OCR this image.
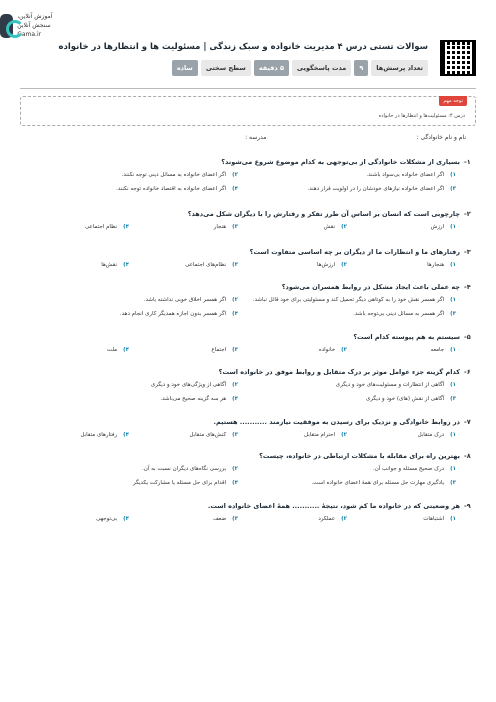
آموزش آنلاین، سنجش آنلاین
Gama.ir
سوالات تستی درس ۴ مدیریت خانواده و سبک زندگی | مسئولیت ها و انتظارها در خانواده
تعداد پرسش‌ها
۹
مدت پاسخگویی
۵ دقیقه
سطح سختی
ساده
توجه مهم
درس ۴: مسئولیت‌ها و انتظارها در خانواده
نام و نام خانوادگی :
مدرسه :
۱-
بسیاری از مشکلات خانوادگی از بی‌توجهی به کدام موضوع شروع می‌شوند؟
۱)
اگر اعضای خانواده بی‌سواد باشند.
۲)
اگر اعضای خانواده به مسائل دینی توجه نکنند.
۳)
اگر اعضای خانواده نیازهای خودشان را در اولویت قرار دهند.
۴)
اگر اعضای خانواده به اقتصاد خانواده توجه نکنند.
۲-
چارچوبی است که انسان بر اساس آن طرز تفکر و رفتارش را با دیگران شکل می‌دهد؟
۱)
ارزش
۲)
نقش
۳)
هنجار
۴)
نظام اجتماعی
۳-
رفتارهای ما و انتظارات ما از دیگران بر چه اساسی متفاوت است؟
۱)
هنجارها
۲)
ارزش‌ها
۳)
نظام‌های اجتماعی
۴)
نقش‌ها
۴-
چه عملی باعث ایجاد مشکل در روابط همسران می‌شود؟
۱)
اگر همسر نقش خود را به کوتاهی دیگر تحمیل کند و مسئولیتی برای خود قائل نباشد.
۲)
اگر همسر اخلاق خوبی نداشته باشد.
۳)
اگر همسر به مسائل دینی بی‌توجه باشد.
۴)
اگر همسر بدون اجازه همدیگر کاری انجام دهد.
۵-
سیستم به هم پیوسته کدام است؟
۱)
جامعه
۲)
خانواده
۳)
اجتماع
۴)
ملت
۶-
کدام گزینه جزء عوامل موثر بر درک متقابل و روابط موفق در خانواده است؟
۱)
آگاهی از انتظارات و مسئولیت‌های خود و دیگری
۲)
آگاهی از ویژگی‌های خود و دیگری
۳)
آگاهی از نقش (های) خود و دیگری
۴)
هر سه گزینه صحیح می‌باشد.
۷-
در روابط خانوادگی و نزدیک برای رسیدن به موفقیت نیازمند ........... هستیم.
۱)
درک متقابل
۲)
احترام متقابل
۳)
کنش‌های متقابل
۴)
رفتارهای متقابل
۸-
بهترین راه برای مقابله با مشکلات ارتباطی در خانواده، چیست؟
۱)
درک صحیح مسئله و جوانب آن.
۲)
بررسی نگاه‌های دیگران نسبت به آن.
۳)
یادگیری مهارت حل مسئله برای همهٔ اعضای خانواده است.
۴)
اقدام برای حل مسئله یا مشارکت یکدیگر
۹-
هر وضعیتی که در خانواده ما کم شود، نتیجهٔ ........... همهٔ اعضای خانواده است.
۱)
اشتباهات
۲)
عملکرد
۳)
ضعف
۴)
بی‌توجهی
